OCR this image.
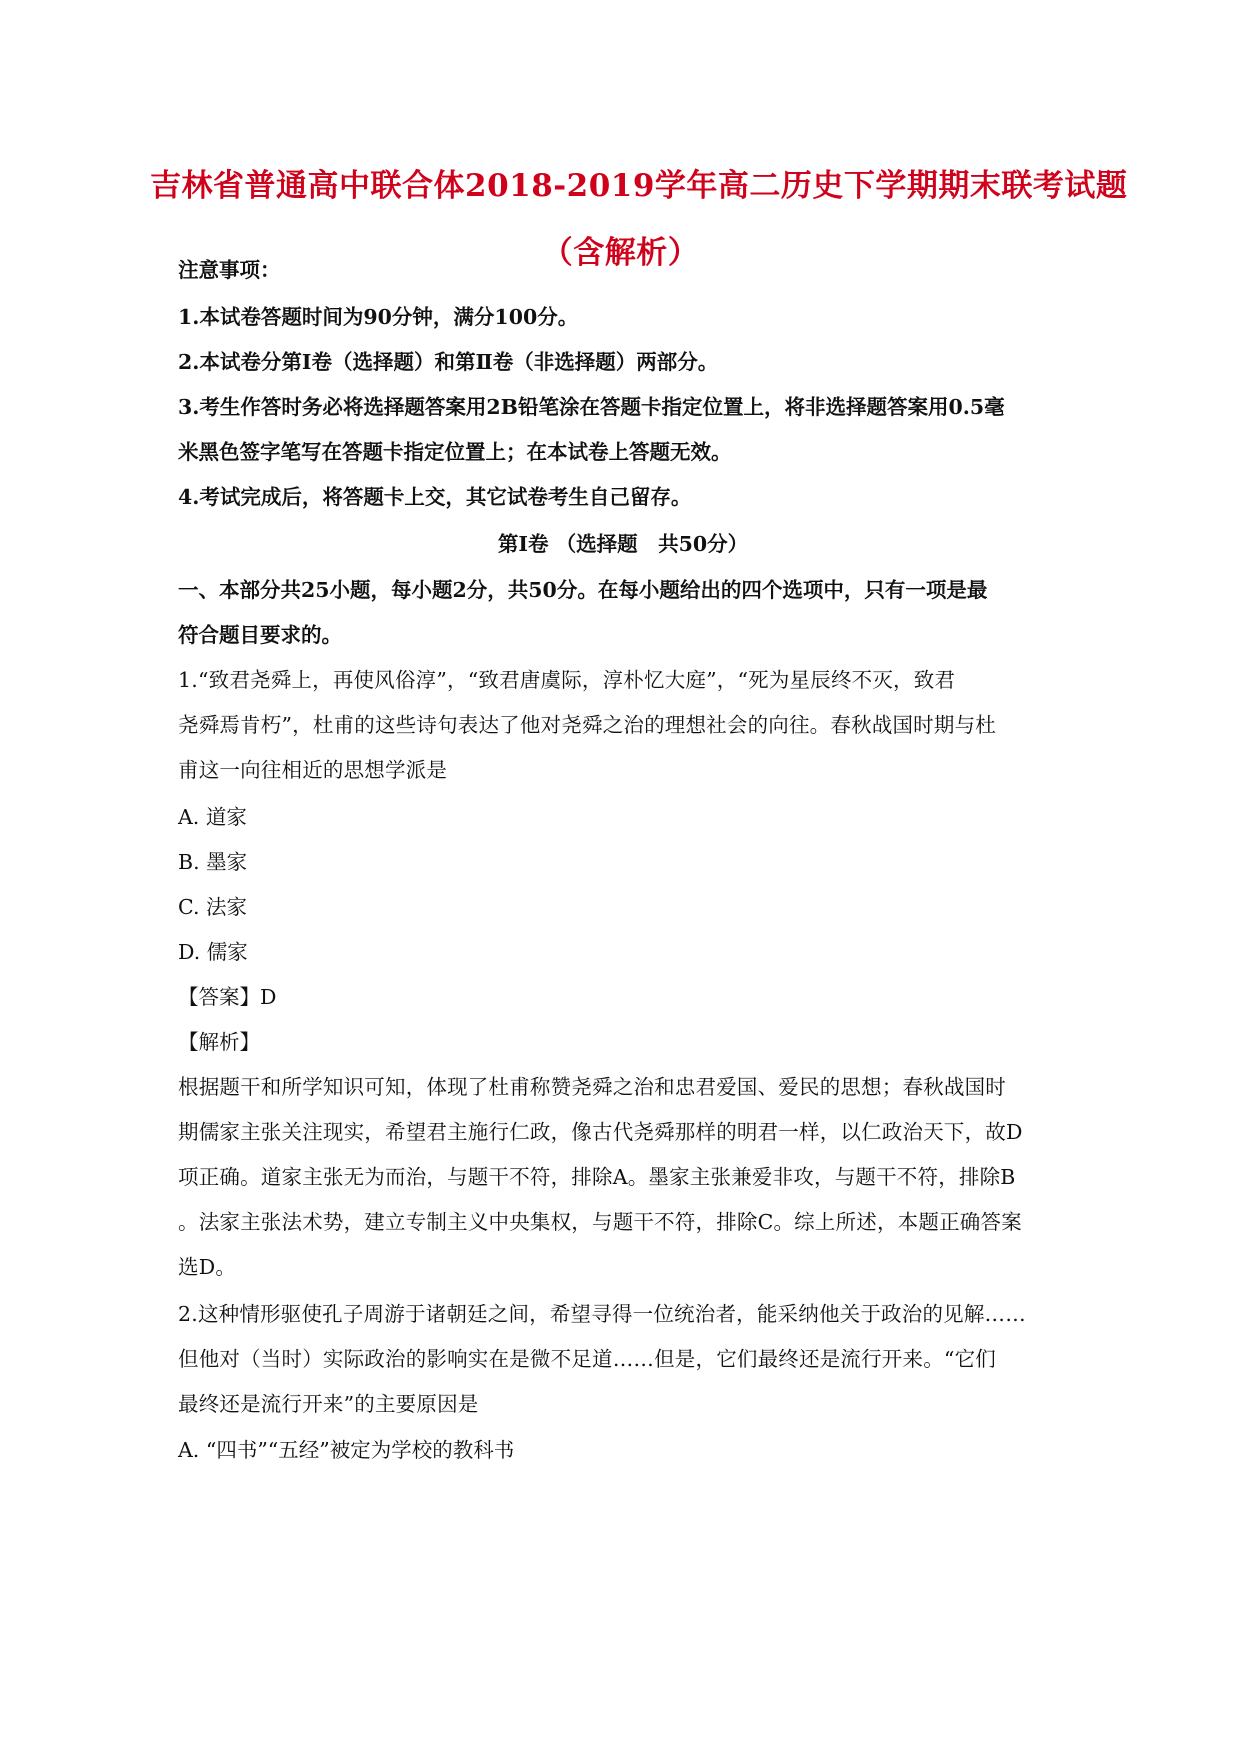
吉林省普通高中联合体2018-2019学年高二历史下学期期末联考试题
（含解析）
注意事项：
1.本试卷答题时间为90分钟，满分100分。
2.本试卷分第Ⅰ卷（选择题）和第Ⅱ卷（非选择题）两部分。
3.考生作答时务必将选择题答案用2B铅笔涂在答题卡指定位置上，将非选择题答案用0.5毫
米黑色签字笔写在答题卡指定位置上；在本试卷上答题无效。
4.考试完成后，将答题卡上交，其它试卷考生自己留存。
第Ⅰ卷 （选择题　共50分）
一、本部分共25小题，每小题2分，共50分。在每小题给出的四个选项中，只有一项是最
符合题目要求的。
1.“致君尧舜上，再使风俗淳”，“致君唐虞际，淳朴忆大庭”，“死为星辰终不灭，致君
尧舜焉肯朽”，杜甫的这些诗句表达了他对尧舜之治的理想社会的向往。春秋战国时期与杜
甫这一向往相近的思想学派是
A. 道家
B. 墨家
C. 法家
D. 儒家
【答案】D
【解析】
根据题干和所学知识可知，体现了杜甫称赞尧舜之治和忠君爱国、爱民的思想；春秋战国时
期儒家主张关注现实，希望君主施行仁政，像古代尧舜那样的明君一样，以仁政治天下，故D
项正确。道家主张无为而治，与题干不符，排除A。墨家主张兼爱非攻，与题干不符，排除B
。法家主张法术势，建立专制主义中央集权，与题干不符，排除C。综上所述，本题正确答案
选D。
2.这种情形驱使孔子周游于诸朝廷之间，希望寻得一位统治者，能采纳他关于政治的见解……
但他对（当时）实际政治的影响实在是微不足道……但是，它们最终还是流行开来。“它们
最终还是流行开来”的主要原因是
A. “四书”“五经”被定为学校的教科书
